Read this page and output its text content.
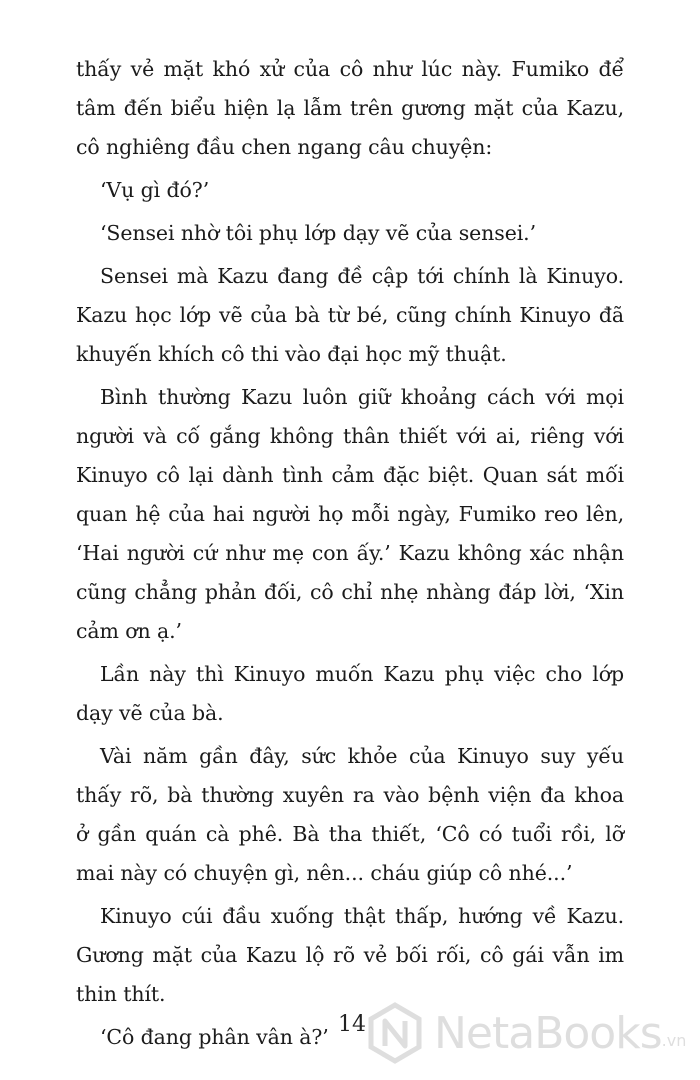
thấy vẻ mặt khó xử của cô như lúc này. Fumiko để
tâm đến biểu hiện lạ lẫm trên gương mặt của Kazu,
cô nghiêng đầu chen ngang câu chuyện:
‘Vụ gì đó?’
‘Sensei nhờ tôi phụ lớp dạy vẽ của sensei.’
Sensei mà Kazu đang đề cập tới chính là Kinuyo.
Kazu học lớp vẽ của bà từ bé, cũng chính Kinuyo đã
khuyến khích cô thi vào đại học mỹ thuật.
Bình thường Kazu luôn giữ khoảng cách với mọi
người và cố gắng không thân thiết với ai, riêng với
Kinuyo cô lại dành tình cảm đặc biệt. Quan sát mối
quan hệ của hai người họ mỗi ngày, Fumiko reo lên,
‘Hai người cứ như mẹ con ấy.’ Kazu không xác nhận
cũng chẳng phản đối, cô chỉ nhẹ nhàng đáp lời, ‘Xin
cảm ơn ạ.’
Lần này thì Kinuyo muốn Kazu phụ việc cho lớp
dạy vẽ của bà.
Vài năm gần đây, sức khỏe của Kinuyo suy yếu
thấy rõ, bà thường xuyên ra vào bệnh viện đa khoa
ở gần quán cà phê. Bà tha thiết, ‘Cô có tuổi rồi, lỡ
mai này có chuyện gì, nên... cháu giúp cô nhé...’
Kinuyo cúi đầu xuống thật thấp, hướng về Kazu.
Gương mặt của Kazu lộ rõ vẻ bối rối, cô gái vẫn im
thin thít.
‘Cô đang phân vân à?’ 14 NetaBooks .vn
